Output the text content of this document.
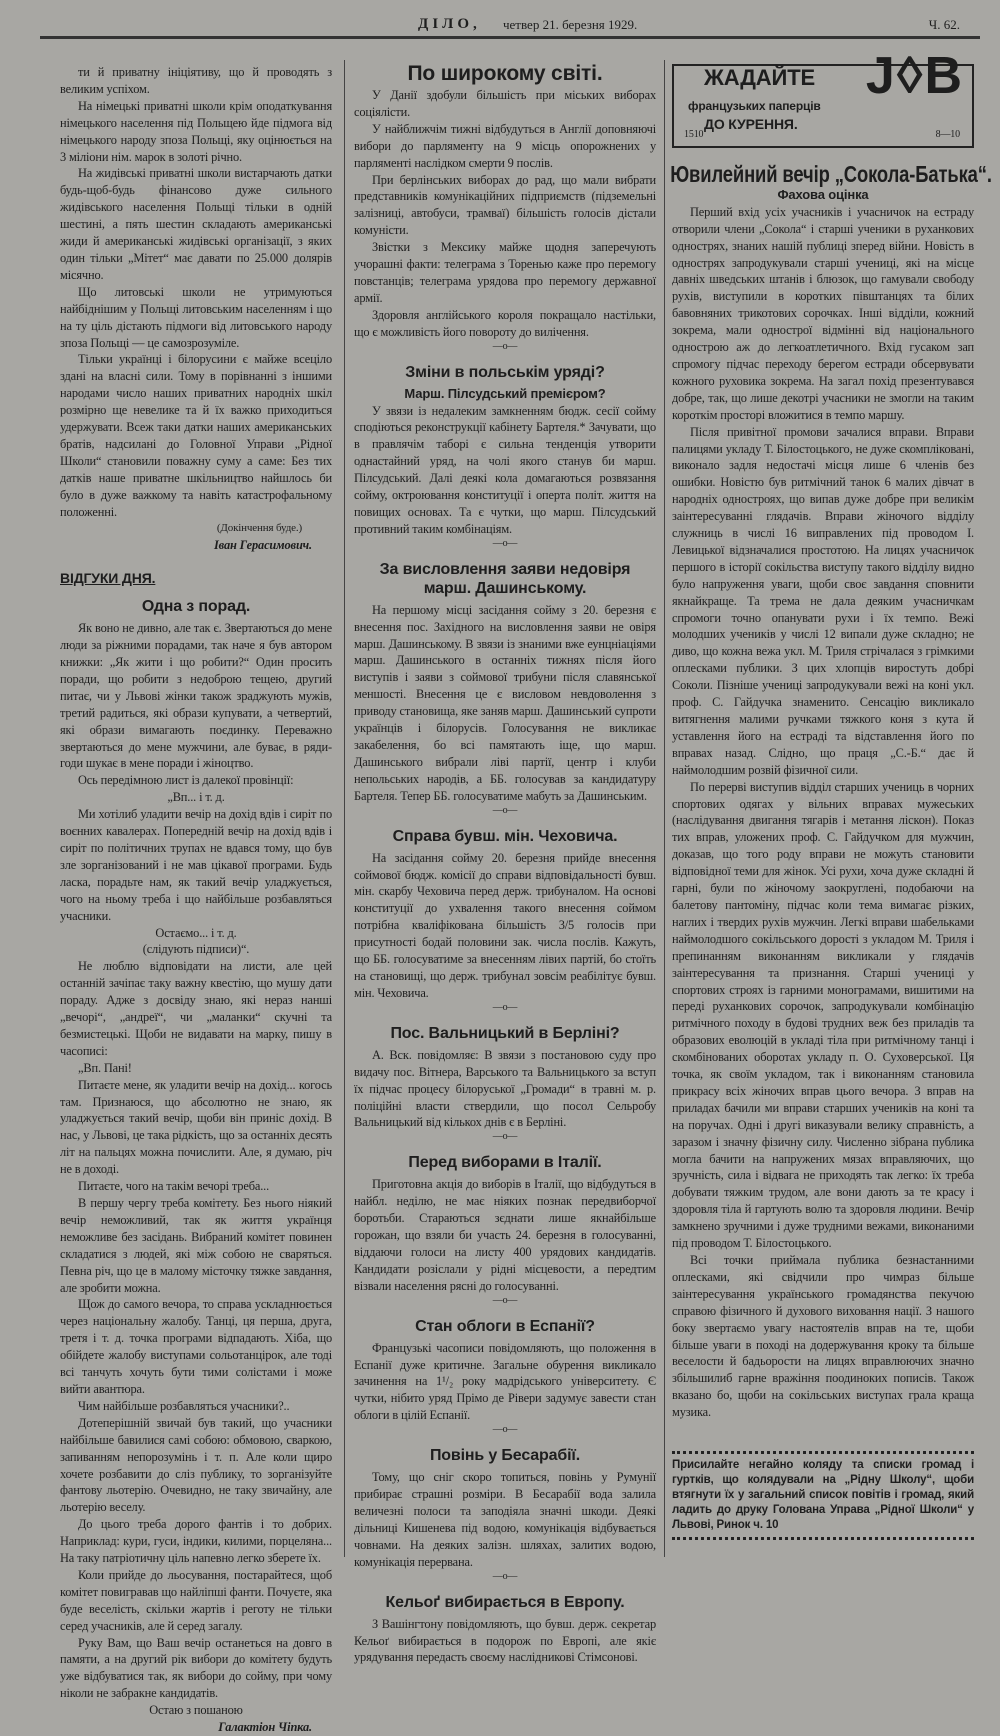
ДІЛО, четвер 21. березня 1929.	Ч. 62.

ти й приватну ініціятиву, що й проводять з великим успіхом.

На німецькі приватні школи крім оподаткування німецького населення під Польщею йде підмога від німецького народу зпоза Польщі, яку оцінюється на 3 міліони нім. марок в золоті річно.

На жидівські приватні школи вистарчають датки будь-щоб-будь фінансово дуже сильного жидівського населення Польщі тільки в одній шестині, а пять шестин складають американські жиди й американські жидівські організації, з яких один тільки „Мітет“ має давати по 25.000 долярів місячно.

Що литовські школи не утримуються найбіднішим у Польщі литовським населенням і що на ту ціль дістають підмоги від литовського народу зпоза Польщі — це самозрозуміле.

Тільки українці і білорусини є майже всеціло здані на власні сили. Тому в порівнанні з іншими народами число наших приватних народніх шкіл розмірно ще невелике та й їх важко приходиться удержувати. Всеж таки датки наших американських братів, надсилані до Головної Управи „Рідної Школи“ становили поважну суму а саме: Без тих датків наше приватне шкільництво найшлось би було в дуже важкому та навіть катастрофальному положенні.

(Докінчення буде.)

Іван Герасимович.

ВІДГУКИ ДНЯ.
Одна з порад.

Як воно не дивно, але так є. Звертаються до мене люди за ріжними порадами, так наче я був автором книжки: „Як жити і що робити?“ Один просить поради, що робити з недоброю тещею, другий питає, чи у Львові жінки також зраджують мужів, третий радиться, які образи купувати, а четвертий, які образи вимагають поєдинку. Переважно звертаються до мене мужчини, але буває, в ряди-годи шукає в мене поради і жіноцтво.

Ось передімною лист із далекої провінції:

„Вп... і т. д.

Ми хотілиб уладити вечір на дохід вдів і сиріт по воєнних кавалерах. Попередній вечір на дохід вдів і сиріт по політичних трупах не вдався тому, що був зле зорганізований і не мав цікавої програми. Будь ласка, порадьте нам, як такий вечір уладжується, чого на ньому треба і що найбільше розбавляться учасники.

Остаємо... і т. д.

(слідують підписи)“.

Не люблю відповідати на листи, але цей останній зачіпає таку важну квестію, що мушу дати пораду. Адже з досвіду знаю, які нераз нанші „вечорі“, „андреї“, чи „маланки“ скучні та безмистецькі. Щоби не видавати на марку, пишу в часописі:

„Вп. Пані!

Питаєте мене, як уладити вечір на дохід... когось там. Признаюся, що абсолютно не знаю, як уладжується такий вечір, щоби він приніс дохід. В нас, у Львові, це така рідкість, що за останніх десять літ на пальцях можна почислити. Але, я думаю, річ не в доході.

Питаєте, чого на такім вечорі треба...

В першу чергу треба комітету. Без нього ніякий вечір неможливий, так як життя українця неможливе без засідань. Вибраний комітет повинен складатися з людей, які між собою не сваряться. Певна річ, що це в малому місточку тяжке завдання, але зробити можна.

Щож до самого вечора, то справа ускладнюється через національну жалобу. Танці, ця перша, друга, третя і т. д. точка програми відпадають. Хіба, що обійдете жалобу виступами сольотанцірок, але тоді всі танчуть хочуть бути тими солістами і може вийти авантюра.

Чим найбільше розбавляться учасники?..

Дотеперішній звичай був такий, що учасники найбільше бавилися самі собою: обмовою, сваркою, запиванням непорозумінь і т. п. Але коли щиро хочете розбавити до сліз публику, то зорганізуйте фантову льотерію. Очевидно, не таку звичайну, але льотерію веселу.

До цього треба дорого фантів і то добрих. Наприклад: кури, гуси, індики, килими, порцеляна... На таку патріотичну ціль напевно легко зберете їх.

Коли прийде до льосування, постарайтеся, щоб комітет повигравав що найліпші фанти. Почуєте, яка буде веселість, скільки жартів і реготу не тільки серед учасників, але й серед загалу.

Руку Вам, що Ваш вечір останеться на довго в памяти, а на другий рік вибори до комітету будуть уже відбуватися так, як вибори до сойму, при чому ніколи не забракне кандидатів.

Остаю з пошаною

Галактіон Чіпка.

По широкому світі.

У Данії здобули більшість при міських виборах соціялісти.

У найближчім тижні відбудуться в Англії доповняючі вибори до парляменту на 9 місць опорожнених у парляменті наслідком смерти 9 послів.

При берлінських виборах до рад, що мали вибрати представників комунікаційних підприємств (підземельні залізниці, автобуси, трамваї) більшість голосів дістали комуністи.

Звістки з Мексику майже щодня заперечують учорашні факти: телеграма з Торенью каже про перемогу повстанців; телеграма урядова про перемогу державної армії.

Здоровля англійського короля покращало настільки, що є можливість його повороту до вилічення.

—o—
Зміни в польськім уряді?
Марш. Пілсудський премієром?

У звязи із недалеким замкненням бюдж. сесії сойму сподіються реконструкції кабінету Бартеля.* Зачувати, що в правлячім таборі є сильна тенденція утворити однастайний уряд, на чолі якого станув би марш. Пілсудський. Далі деякі кола домагаються розвязання сойму, октроювання конституції і оперта політ. життя на повищих основах. Та є чутки, що марш. Пілсудський противний таким комбінаціям.

—o—
За висловлення заяви недовіря марш. Дашинському.

На першому місці засідання сойму з 20. березня є внесення пос. Західного на висловлення заяви не овіря марш. Дашинському. В звязи із знаними вже еунцніаціями марш. Дашинського в останніх тижнях після його виступів і заяви з соймової трибуни після славянської меншості. Внесення це є висловом невдоволення з приводу становища, яке заняв марш. Дашинський супроти українців і білорусів. Голосування не викликає закабелення, бо всі памятають іще, що марш. Дашинського вибрали ліві партії, центр і клуби непольських народів, а ББ. голосував за кандидатуру Бартеля. Тепер ББ. голосуватиме мабуть за Дашинським.

—o—
Справа бувш. мін. Чеховича.

На засідання сойму 20. березня прийде внесення соймової бюдж. комісії до справи відповідальності бувш. мін. скарбу Чеховича перед держ. трибуналом. На основі конституції до ухвалення такого внесення соймом потрібна кваліфікована більшість 3/5 голосів при присутності бодай половини зак. числа послів. Кажуть, що ББ. голосуватиме за внесенням лівих партій, бо стоїть на становищі, що держ. трибунал зовсім реабілітує бувш. мін. Чеховича.

—o—
Пос. Вальницький в Берліні?

А. Вск. повідомляє: В звязи з постановою суду про видачу пос. Вітнера, Варського та Вальницького за вступ їх підчас процесу білоруської „Громади“ в травні м. р. поліційні власти ствердили, що посол Сельробу Вальницький від кількох днів є в Берліні.

—o—
Перед виборами в Італії.

Приготовна акція до виборів в Італії, що відбудуться в найбл. неділю, не має ніяких познак передвиборчої боротьби. Стараються зєднати лише якнайбільше горожан, що взяли би участь 24. березня в голосуванні, віддаючи голоси на листу 400 урядових кандидатів. Кандидати розіслали у рідні місцевости, а передтим візвали населення рясні до голосуванні.

—o—
Стан облоги в Еспанії?

Французькі часописи повідомляють, що положення в Еспанії дуже критичне. Загальне обурення викликало зачинення на 1¹/₂ року мадрідського університету. Є чутки, нібито уряд Прімо де Рівери задумує завести стан облоги в цілій Еспанії.

—o—
Повінь у Бесарабії.

Тому, що сніг скоро топиться, повінь у Румунії прибирає страшні розміри. В Бесарабії вода залила величезні полоси та заподіяла значні шкоди. Деякі дільниці Кишенева під водою, комунікація відбувається човнами. На деяких залізн. шляхах, залитих водою, комунікація перервана.

—o—
Кельоґ вибирається в Европу.

З Вашінгтону повідомляють, що бувш. держ. секретар Кельоґ вибирається в подорож по Европі, але якіє урядування передасть своєму наслідникові Стімсонові.

ЖАДАЙТЕ
французьких паперців
ДО КУРЕННЯ.
J◊B
1510	8—10
Ювилейний вечір „Сокола-Батька“.
Фахова оцінка

Перший вхід усіх учасників і учасничок на естраду отворили члени „Сокола“ і старші ученики в руханкових однострях, знаних нашій публиці зперед війни. Новість в однострях запродукували старші учениці, які на місце давніх шведських штанів і блюзок, що гамували свободу рухів, виступили в коротких півштанцях та білих бавовняних трикотових сорочках. Інші відділи, кожний зокрема, мали однострої відмінні від національного однострою аж до легкоатлетичного. Вхід гусаком зап спромогу підчас переходу берегом естради обсервувати кожного руховика зокрема. На загал похід презентувався добре, так, що лише декотрі учасники не змогли на таким короткім просторі вложитися в темпо маршу.

Після привітної промови зачалися вправи. Вправи палицями укладу Т. Білостоцького, не дуже скомпліковані, виконало задля недостачі місця лише 6 членів без ошибки. Новістю був ритмічний танок 6 малих дівчат в народніх одностроях, що випав дуже добре при великім заінтересуванні глядачів. Вправи жіночого відділу служниць в числі 16 виправлених під проводом І. Левицької відзначалися простотою. На лицях учасничок першого в історії сокільства виступу такого відділу видно було напруження уваги, щоби своє завдання сповнити якнайкраще. Та трема не дала деяким учасничкам спромоги точно опанувати рухи і їх темпо. Вежі молодших учеників у числі 12 випали дуже складно; не диво, що кожна вежа укл. М. Триля стрічалася з грімкими оплесками публики. З цих хлопців виростуть добрі Соколи. Пізніше учениці запродукували вежі на коні укл. проф. С. Гайдучка знаменито. Сенсацію викликало витягнення малими ручками тяжкого коня з кута й уставлення його на естраді та відставлення його по вправах назад. Слідно, що праця „С.-Б.“ дає й наймолодшим розвій фізичної сили.

По перерві виступив відділ старших учениць в чорних спортових одягах у вільних вправах мужеських (наслідування двигання тягарів і метання ліскон). Показ тих вправ, уложених проф. С. Гайдучком для мужчин, доказав, що того роду вправи не можуть становити відповідної теми для жінок. Усі рухи, хоча дуже складні й гарні, були по жіночому заокруглені, подобаючи на балетову пантоміну, підчас коли тема вимагає різких, наглих і твердих рухів мужчин. Легкі вправи шабельками наймолодшого сокільського дорості з укладом М. Триля і препинанням виконанням викликали у глядачів заінтересування та признання. Старші учениці у спортових строях із гарними монограмами, вишитими на переді руханкових сорочок, запродукували комбінацію ритмічного походу в будові трудних веж без приладів та образових еволюцій в укладі тіла при ритмічному танці і скомбінованих оборотах укладу п. О. Суховерської. Ця точка, як своїм укладом, так і виконанням становила прикрасу всіх жіночих вправ цього вечора. З вправ на приладах бачили ми вправи старших учеників на коні та на поручах. Одні і другі виказували велику справність, а заразом і значну фізичну силу. Численно зібрана публика могла бачити на напружених мязах вправляючих, що зручність, сила і відвага не приходять так легко: їх треба добувати тяжким трудом, але вони дають за те красу і здоровля тіла й гартують волю та здоровля людини. Вечір замкнено зручними і дуже трудними вежами, виконаними під проводом Т. Білостоцького.

Всі точки приймала публика безнастанними оплесками, які свідчили про чимраз більше заінтересування українського громадянства пекучою справою фізичного й духового виховання нації. З нашого боку звертаємо увагу настоятелів вправ на те, щоби більше уваги в поході на додержування кроку та більше веселости й бадьорости на лицях вправлюючих значно збільшилиб гарне вражіння поодиноких пописів. Також вказано бо, щоби на сокільських виступах грала краща музика.

Присилайте негайно коляду та списки громад і гуртків, що колядували на „Рідну Школу“, щоби втягнути їх у загальний список повітів і громад, який ладить до друку Голована Управа „Рідної Школи“ у Львові, Ринок ч. 10
